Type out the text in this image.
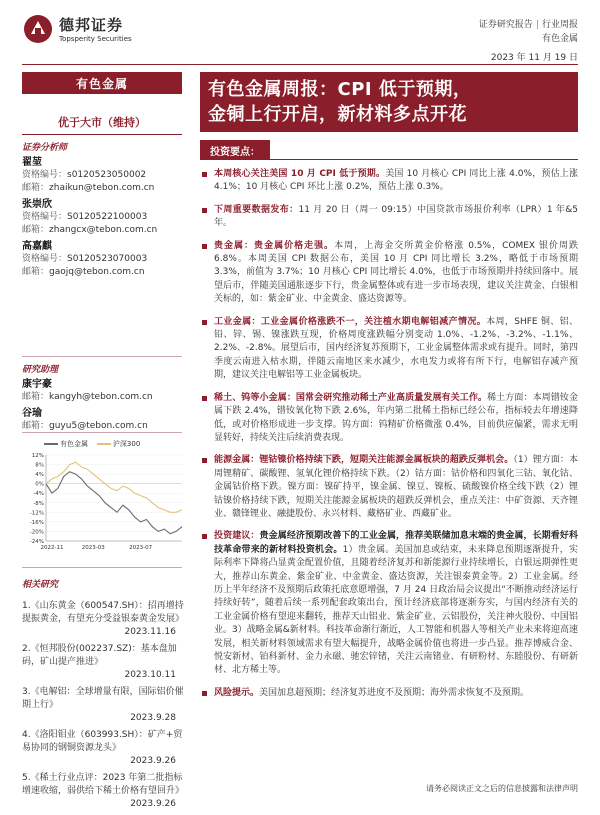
德邦证券
Topsperity Securities
证券研究报告 | 行业周报
有色金属
2023 年 11 月 19 日
有色金属
优于大市（维持）
证券分析师
翟堃
资格编号：s0120523050002
邮箱：zhaikun@tebon.com.cn
张崇欣
资格编号：S0120522100003
邮箱：zhangcx@tebon.com.cn
高嘉麒
资格编号：S0120523070003
邮箱：gaojq@tebon.com.cn
研究助理
康宇豪
邮箱：kangyh@tebon.com.cn
谷瑜
邮箱：guyu5@tebon.com.cn
有色金属	沪深300
12%
8%
4%
0%
-4%
-8%
-12%
-16%
-20%
-24%
2022-11	2023-03	2023-07
相关研究
1.《山东黄金（600547.SH）：招再增持提振黄金，有望充分受益银泰黄金发展》
2023.11.16
2.《恒邦股份(002237.SZ)：基本盘加码，矿山提产推进》
2023.10.11
3.《电解铝：全球增量有限，国际铝价催期上行》
2023.9.28
4.《洛阳钼业（603993.SH）：矿产+贸易协同的钢铜资源龙头》
2023.9.26
5.《稀土行业点评：2023 年第二批指标增速收缩，弱供给下稀土价格有望回升》
2023.9.26
有色金属周报：CPI 低于预期，
金铜上行开启，新材料多点开花
投资要点：
本周核心关注美国 10 月 CPI 低于预期。美国 10 月核心 CPI 同比上涨 4.0%，预估上涨 4.1%；10 月核心 CPI 环比上涨 0.2%，预估上涨 0.3%。
下周重要数据发布：11 月 20 日（周一 09:15）中国贷款市场报价利率（LPR）1 年&5 年。
贵金属：贵金属价格走强。本周，上海金交所黄金价格涨 0.5%，COMEX 银价周跌 6.8%。本周美国 CPI 数据公布，美国 10 月 CPI 同比增长 3.2%，略低于市场预期 3.3%，前值为 3.7%；10 月核心 CPI 同比增长 4.0%，也低于市场预期并持续回落中。展望后市，伴随美国通胀逐步下行，贵金属整体或有进一步市场表现，建议关注黄金、白银相关标的，如：紫金矿业、中金黄金、盛达资源等。
工业金属：工业金属价格涨跌不一，关注植水期电解铝减产情况。本周，SHFE 铜、铝、铅、锌、锡、镍涨跌互现，价格周度涨跌幅分别变动 1.0%、-1.2%、-3.2%、-1.1%、2.2%、-2.8%。展望后市，国内经济复苏预期下，工业金属整体需求或有提升。同时，第四季度云南进入枯水期，伴随云南地区来水减少，水电发力或将有所下行，电解铝存减产预期，建议关注电解铝等工业金属板块。
稀土、钨等小金属：国常会研究推动稀土产业高质量发展有关工作。稀土方面：本周镨钕金属下跌 2.4%，镨钕氧化物下跌 2.6%，年内第二批稀土指标已经公布，指标较去年增速降低，或对价格形成进一步支撑。钨方面：钨精矿价格微涨 0.4%，目前供应偏紧，需求无明显转好，持续关注后续消费表现。
能源金属：锂钴镍价格持续下跌，短期关注能源金属板块的超跌反弹机会。（1）锂方面：本周锂精矿、碳酸锂、氢氧化锂价格持续下跌。（2）钴方面：钴价格和四氧化三钴、氧化钴、金属钴价格下跌。镍方面：镍矿持平，镍金属、镍豆、镍板、硫酸镍价格全线下跌（2）锂钴镍价格持续下跌，短期关注能源金属板块的超跌反弹机会，重点关注：中矿资源、天齐锂业、赣锋锂业、融捷股份、永兴材料、藏格矿业、西藏矿业。
投资建议：贵金属经济预期改善下的工业金属，推荐美联储加息末端的贵金属，长期看好科技革命带来的新材料投资机会。1）贵金属。美国加息或结束，未来降息预期逐渐提升，实际利率下降将凸显黄金配置价值，且随着经济复苏和新能源行业持续增长，白银远期弹性更大，推荐山东黄金、紫金矿业、中金黄金、盛达资源，关注银泰黄金等。2）工业金属。经历上半年经济不及预期后政策托底意愿增强，7 月 24 日政治局会议提出“不断推动经济运行持续好转”，随着后续一系列配套政策出台，预计经济底部将逐渐夯实，与国内经济有关的工业金属价格有望迎来翻转，推荐天山铝业、紫金矿业、云铝股份，关注神火股份、中国铝业。3）战略金属&新材料。科技革命渐行渐近，人工智能和机器人等相关产业未来将迎高速发展，相关新材料领域需求有望大幅提升，战略金属价值也将进一步凸显。推荐博威合金、悦安新材、铂科新材、金力永磁、驰宏锌锗，关注云南锗业、有研粉材、东睦股份、有研新材、北方稀土等。
风险提示。美国加息超预期；经济复苏进度不及预期；海外需求恢复不及预期。
请务必阅读正文之后的信息披露和法律声明
